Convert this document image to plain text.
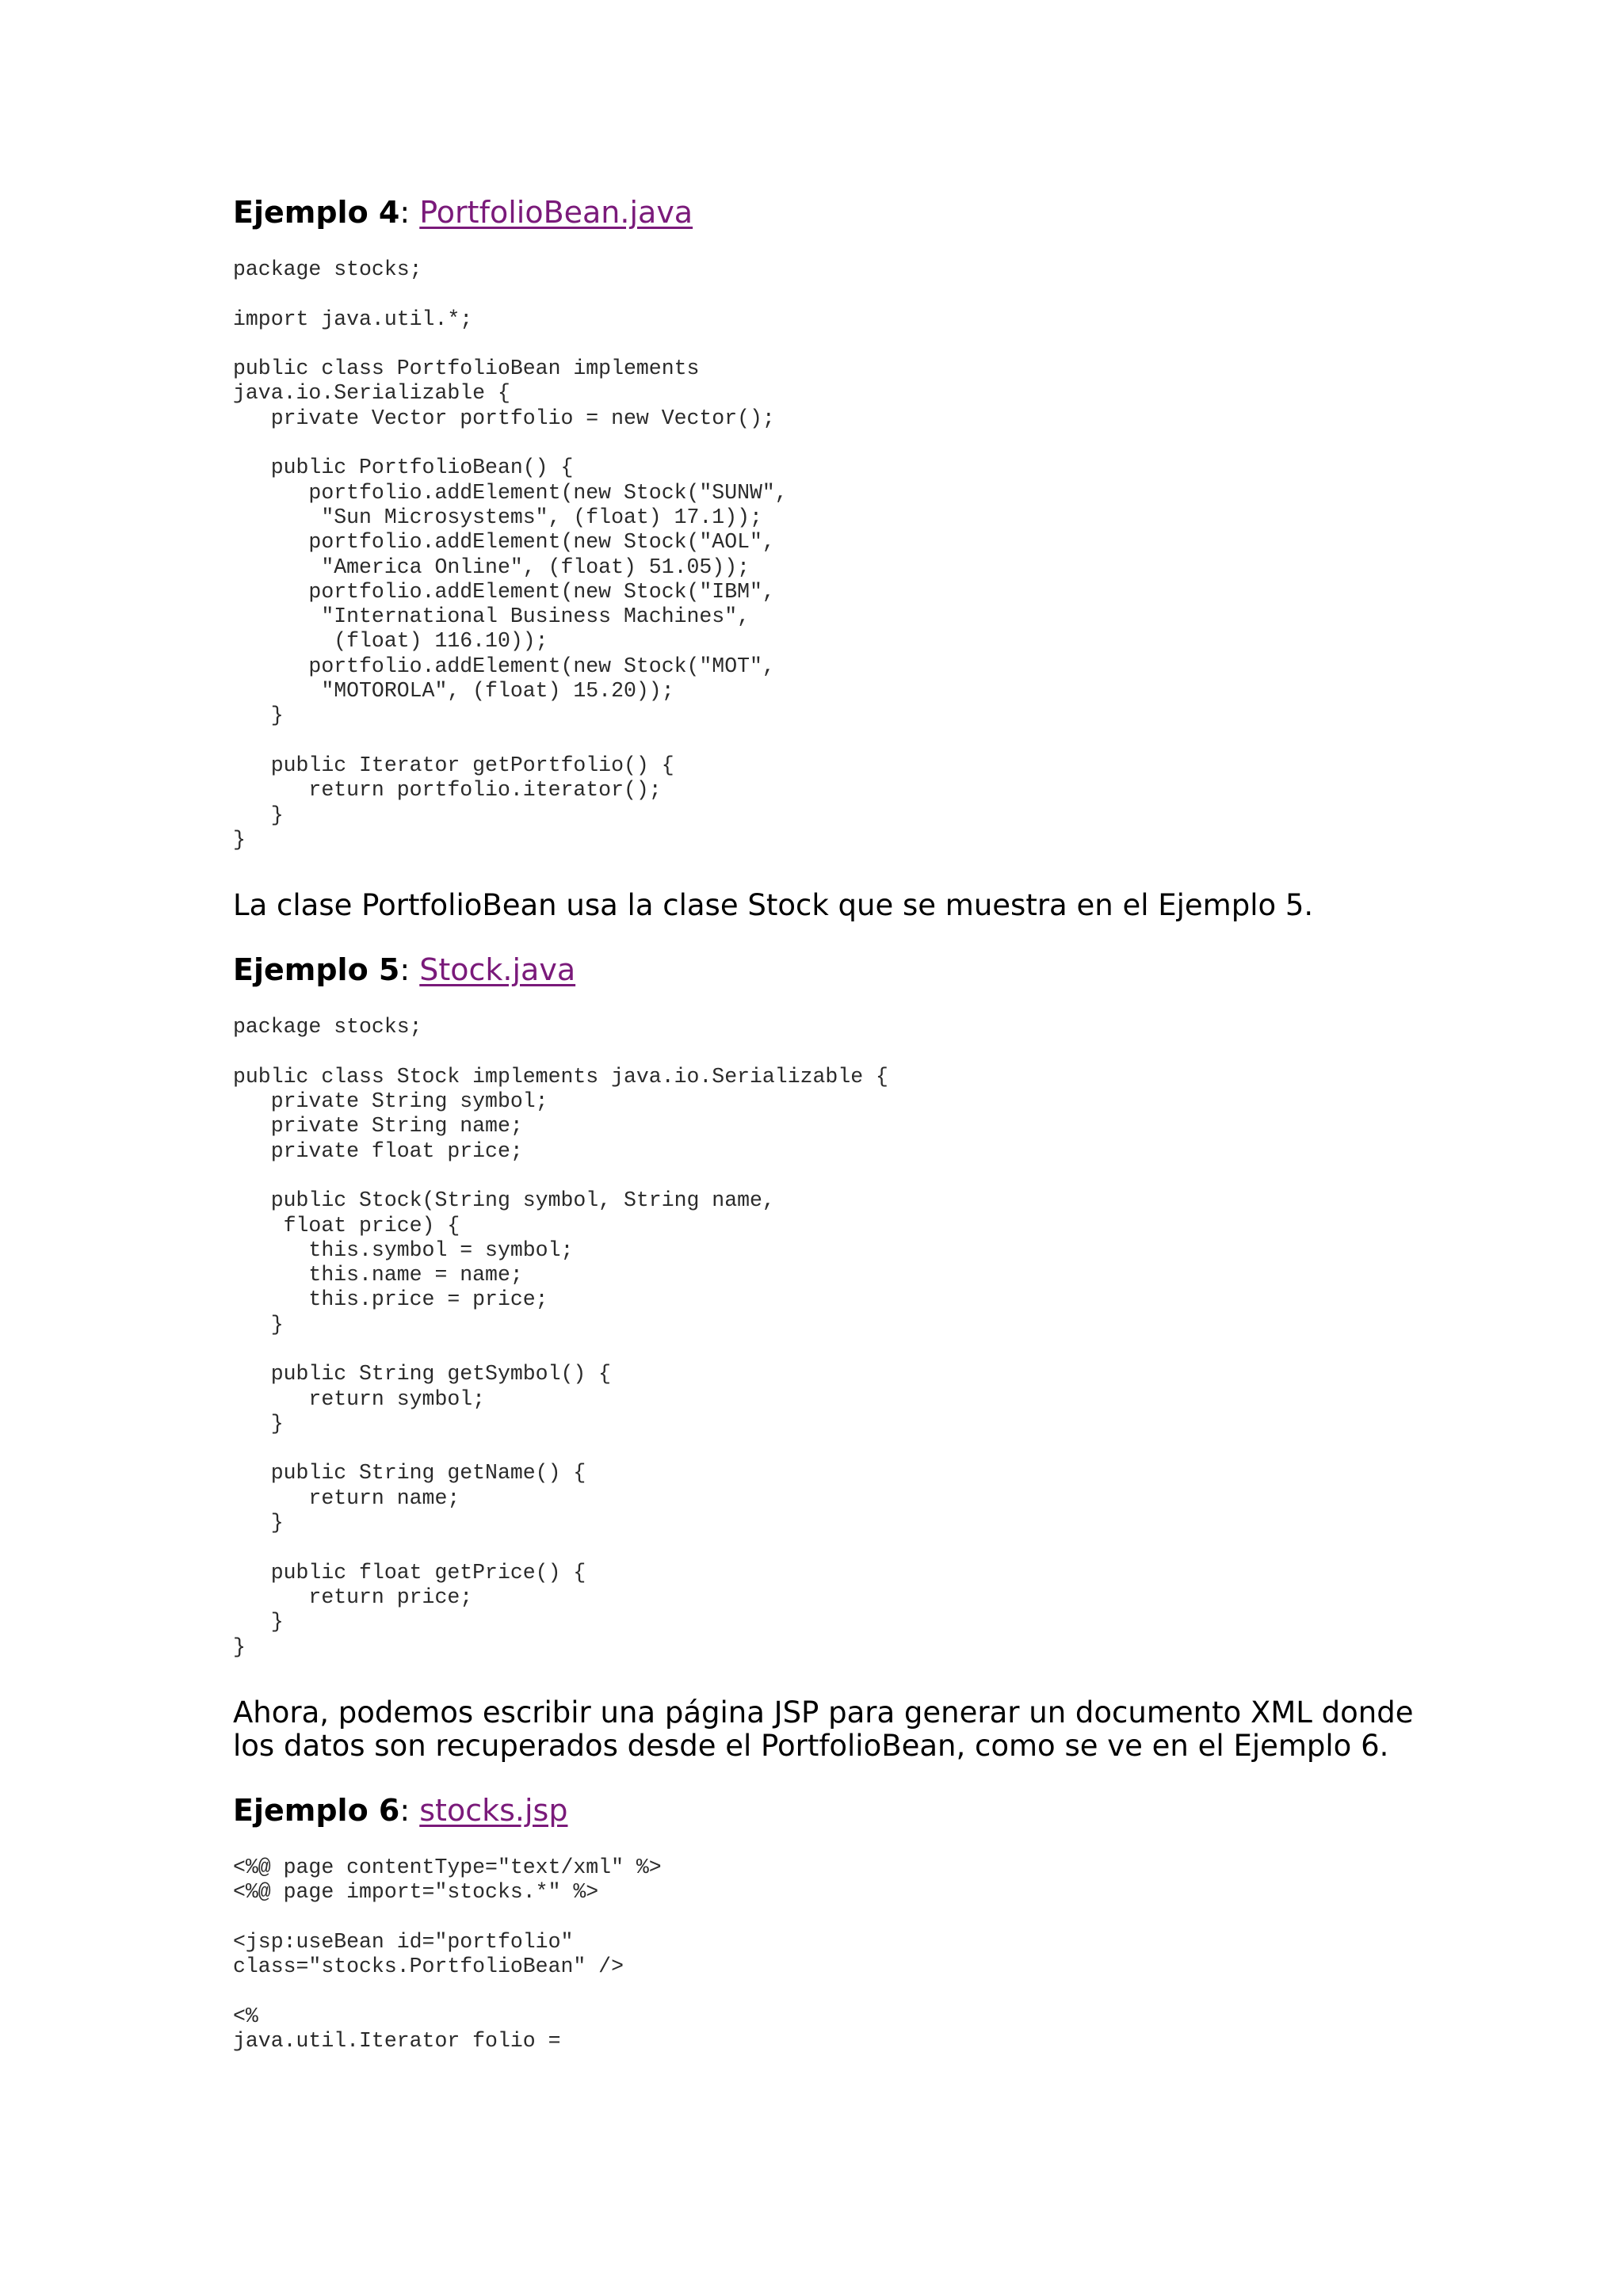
Ejemplo 4: PortfolioBean.java
package stocks;

import java.util.*;

public class PortfolioBean implements
java.io.Serializable {
private Vector portfolio = new Vector();

public PortfolioBean() {
portfolio.addElement(new Stock("SUNW",
"Sun Microsystems", (float) 17.1));
portfolio.addElement(new Stock("AOL",
"America Online", (float) 51.05));
portfolio.addElement(new Stock("IBM",
"International Business Machines",
(float) 116.10));
portfolio.addElement(new Stock("MOT",
"MOTOROLA", (float) 15.20));
}

public Iterator getPortfolio() {
return portfolio.iterator();
}
}

La clase PortfolioBean usa la clase Stock que se muestra en el Ejemplo 5.

Ejemplo 5: Stock.java
package stocks;

public class Stock implements java.io.Serializable {
private String symbol;
private String name;
private float price;

public Stock(String symbol, String name,
float price) {
this.symbol = symbol;
this.name = name;
this.price = price;
}

public String getSymbol() {
return symbol;
}

public String getName() {
return name;
}

public float getPrice() {
return price;
}
}

Ahora, podemos escribir una página JSP para generar un documento XML donde los datos son recuperados desde el PortfolioBean, como se ve en el Ejemplo 6.

Ejemplo 6: stocks.jsp
<%@ page contentType="text/xml" %>
<%@ page import="stocks.*" %>

<jsp:useBean id="portfolio"
class="stocks.PortfolioBean" />

<%
java.util.Iterator folio =
